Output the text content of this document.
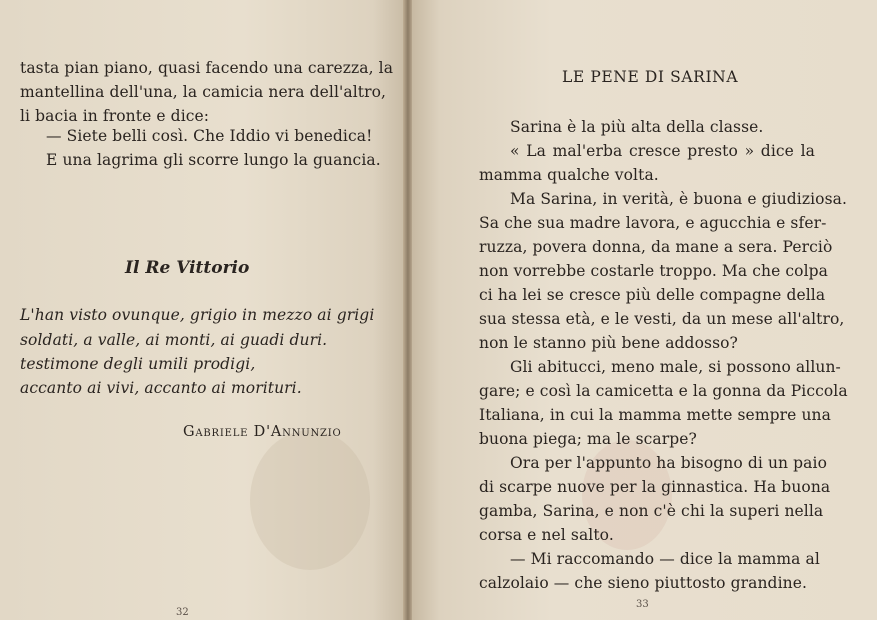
tasta pian piano, quasi facendo una carezza, la
mantellina dell'una, la camicia nera dell'altro,
li bacia in fronte e dice:
— Siete belli così. Che Iddio vi benedica!
E una lagrima gli scorre lungo la guancia.
Il Re Vittorio
L'han visto ovunque, grigio in mezzo ai grigi
soldati, a valle, ai monti, ai guadi duri.
testimone degli umili prodigi,
accanto ai vivi, accanto ai morituri.
Gabriele D'Annunzio
32
LE PENE DI SARINA
Sarina è la più alta della classe.
« La mal'erba cresce presto » dice la
mamma qualche volta.
Ma Sarina, in verità, è buona e giudiziosa.
Sa che sua madre lavora, e agucchia e sfer-
ruzza, povera donna, da mane a sera. Perciò
non vorrebbe costarle troppo. Ma che colpa
ci ha lei se cresce più delle compagne della
sua stessa età, e le vesti, da un mese all'altro,
non le stanno più bene addosso?
Gli abitucci, meno male, si possono allun-
gare; e così la camicetta e la gonna da Piccola
Italiana, in cui la mamma mette sempre una
buona piega; ma le scarpe?
Ora per l'appunto ha bisogno di un paio
di scarpe nuove per la ginnastica. Ha buona
gamba, Sarina, e non c'è chi la superi nella
corsa e nel salto.
— Mi raccomando — dice la mamma al
calzolaio — che sieno piuttosto grandine.
33
